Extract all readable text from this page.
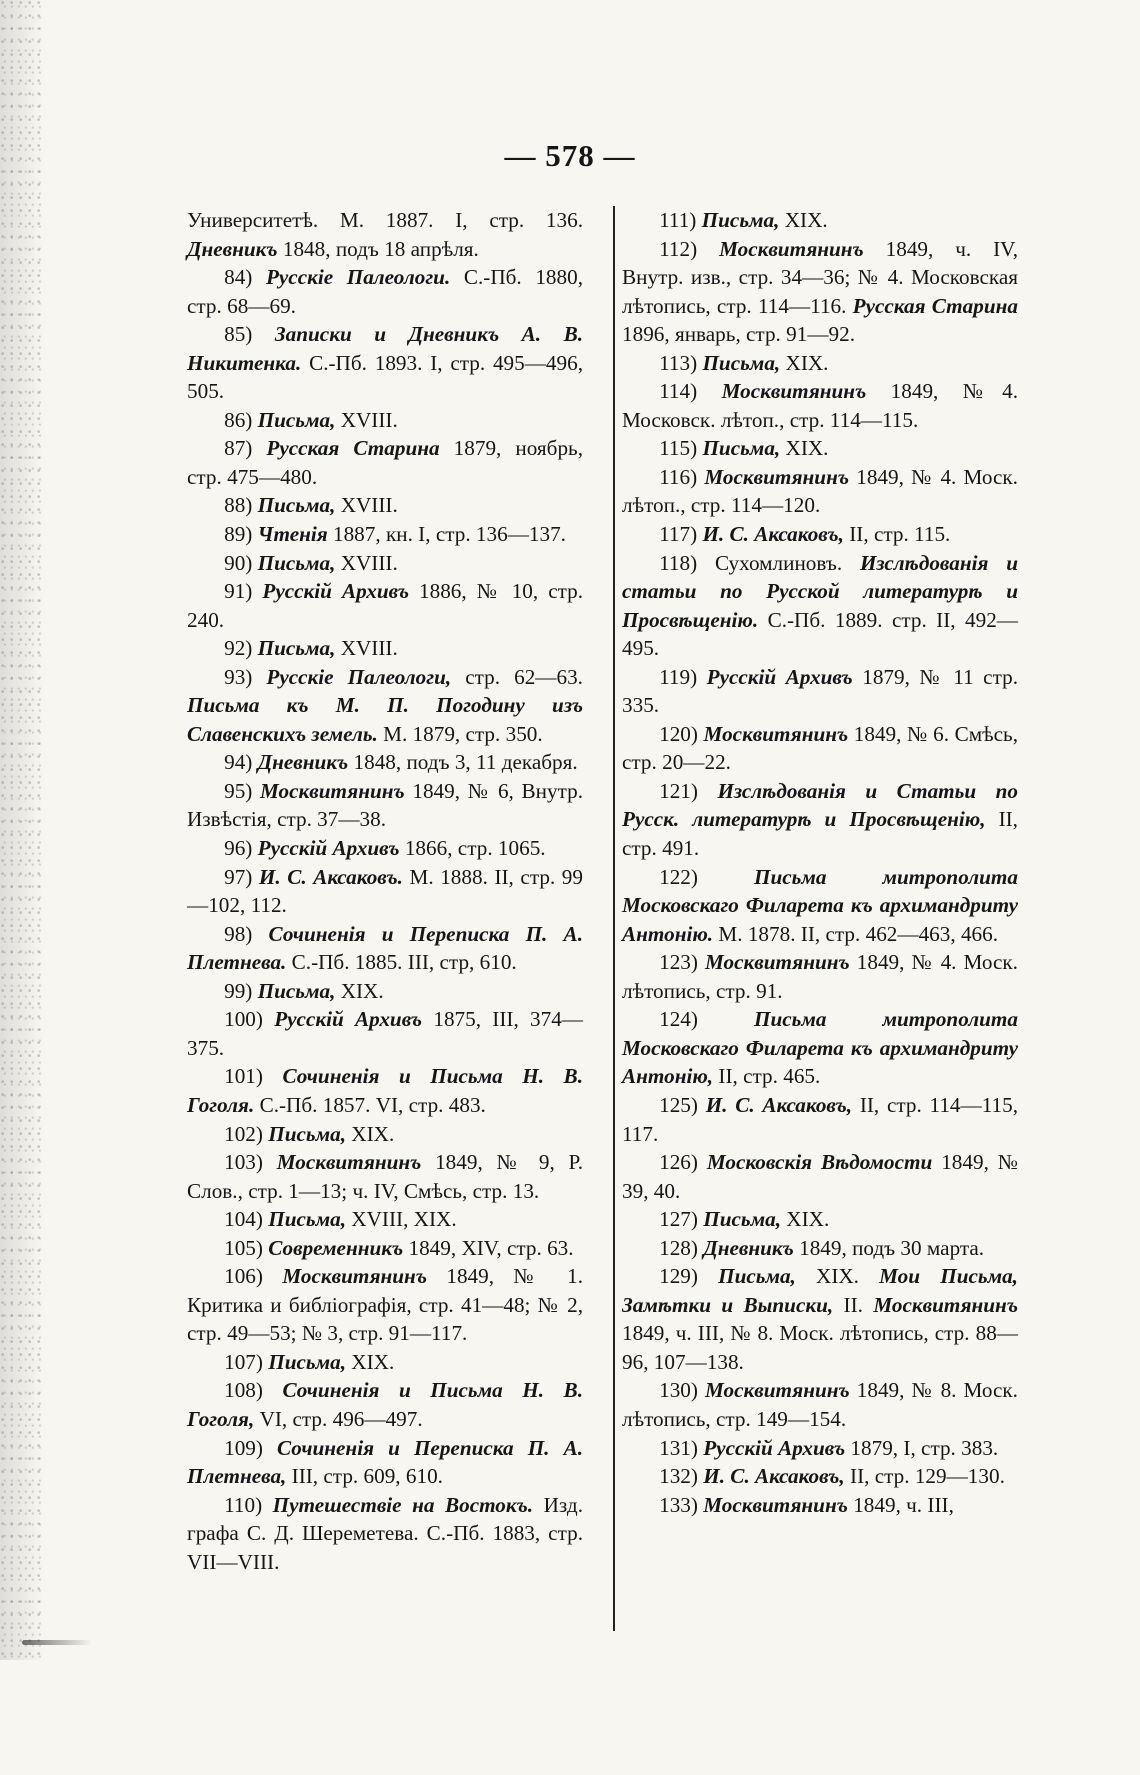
— 578 —

Университетѣ. М. 1887. I, стр. 136. Дневникъ 1848, подъ 18 апрѣля.

84) Русскіе Палеологи. С.-Пб. 1880, стр. 68—69.

85) Записки и Дневникъ А. В. Никитенка. С.-Пб. 1893. I, стр. 495—496, 505.

86) Письма, XVIII.

87) Русская Старина 1879, ноябрь, стр. 475—480.

88) Письма, XVIII.

89) Чтенія 1887, кн. I, стр. 136—137.

90) Письма, XVIII.

91) Русскій Архивъ 1886, № 10, стр. 240.

92) Письма, XVIII.

93) Русскіе Палеологи, стр. 62—63. Письма къ М. П. Погодину изъ Славенскихъ земель. М. 1879, стр. 350.

94) Дневникъ 1848, подъ 3, 11 декабря.

95) Москвитянинъ 1849, № 6, Внутр. Извѣстія, стр. 37—38.

96) Русскій Архивъ 1866, стр. 1065.

97) И. С. Аксаковъ. М. 1888. II, стр. 99—102, 112.

98) Сочиненія и Переписка П. А. Плетнева. С.-Пб. 1885. III, стр, 610.

99) Письма, XIX.

100) Русскій Архивъ 1875, III, 374—375.

101) Сочиненія и Письма Н. В. Гоголя. С.-Пб. 1857. VI, стр. 483.

102) Письма, XIX.

103) Москвитянинъ 1849, № 9, Р. Слов., стр. 1—13; ч. IV, Смѣсь, стр. 13.

104) Письма, XVIII, XIX.

105) Современникъ 1849, XIV, стр. 63.

106) Москвитянинъ 1849, № 1. Критика и библіографія, стр. 41—48; № 2, стр. 49—53; № 3, стр. 91—117.

107) Письма, XIX.

108) Сочиненія и Письма Н. В. Гоголя, VI, стр. 496—497.

109) Сочиненія и Переписка П. А. Плетнева, III, стр. 609, 610.

110) Путешествіе на Востокъ. Изд. графа С. Д. Шереметева. С.-Пб. 1883, стр. VII—VIII.

111) Письма, XIX.

112) Москвитянинъ 1849, ч. IV, Внутр. изв., стр. 34—36; № 4. Московская лѣтопись, стр. 114—116. Русская Старина 1896, январь, стр. 91—92.

113) Письма, XIX.

114) Москвитянинъ 1849, №4. Московск. лѣтоп., стр. 114—115.

115) Письма, XIX.

116) Москвитянинъ 1849, № 4. Моск. лѣтоп., стр. 114—120.

117) И. С. Аксаковъ, II, стр. 115.

118) Сухомлиновъ. Изслѣдованія и статьи по Русской литературѣ и Просвѣщенію. С.-Пб. 1889. стр. II, 492—495.

119) Русскій Архивъ 1879, № 11 стр. 335.

120) Москвитянинъ 1849, № 6. Смѣсь, стр. 20—22.

121) Изслѣдованія и Статьи по Русск. литературѣ и Просвѣщенію, II, стр. 491.

122) Письма митрополита Московскаго Филарета къ архимандриту Антонію. М. 1878. II, стр. 462—463, 466.

123) Москвитянинъ 1849, № 4. Моск. лѣтопись, стр. 91.

124) Письма митрополита Московскаго Филарета къ архимандриту Антонію, II, стр. 465.

125) И. С. Аксаковъ, II, стр. 114—115, 117.

126) Московскія Вѣдомости 1849, № 39, 40.

127) Письма, XIX.

128) Дневникъ 1849, подъ 30 марта.

129) Письма, XIX. Мои Письма, Замѣтки и Выписки, II. Москвитянинъ 1849, ч. III, № 8. Моск. лѣтопись, стр. 88—96, 107—138.

130) Москвитянинъ 1849, № 8. Моск. лѣтопись, стр. 149—154.

131) Русскій Архивъ 1879, I, стр. 383.

132) И. С. Аксаковъ, II, стр. 129—130.

133) Москвитянинъ 1849, ч. III,
